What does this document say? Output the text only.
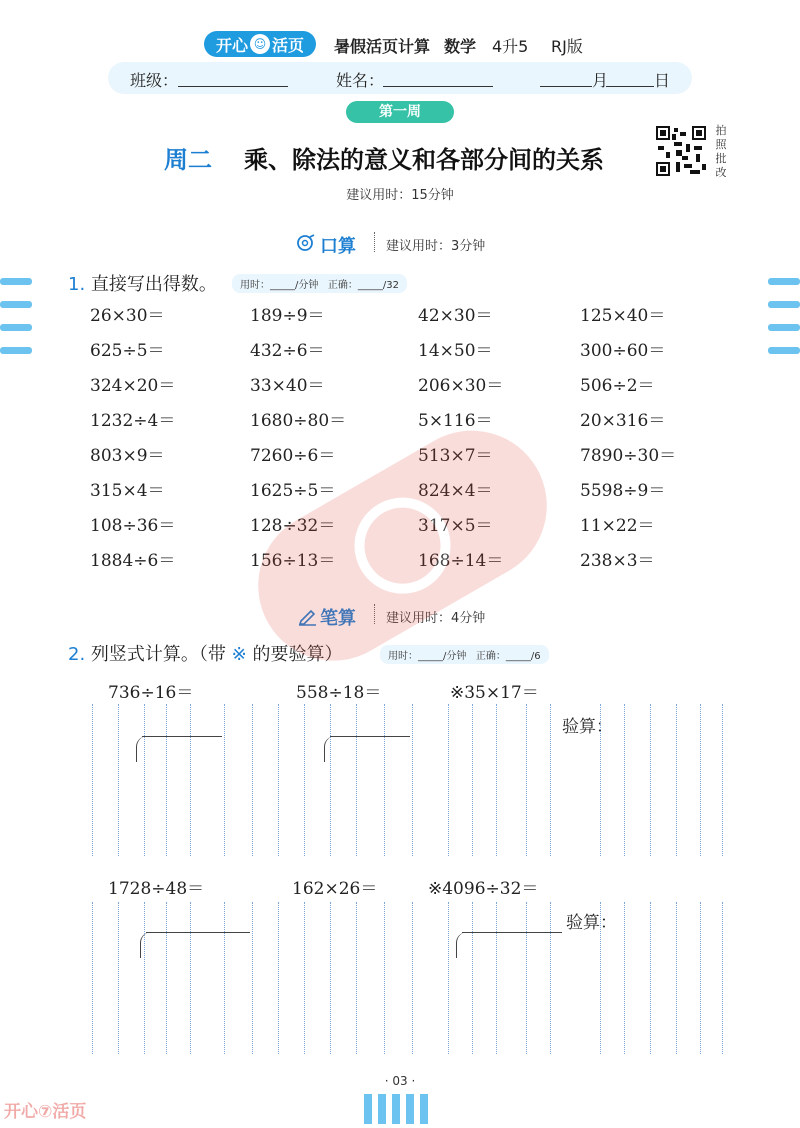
开心 ☺ 活页 暑假活页计算 数学 4升5 RJ版
班级：	姓名：	月	日
第一周
周二 乘、除法的意义和各部分间的关系
拍照批改
建议用时：15分钟
口算 建议用时：3分钟
1. 直接写出得数。	用时：_____/分钟 正确：_____/32
26×30＝	189÷9＝	42×30＝	125×40＝
625÷5＝	432÷6＝	14×50＝	300÷60＝
324×20＝	33×40＝	206×30＝	506÷2＝
1232÷4＝	1680÷80＝	5×116＝	20×316＝
803×9＝	7260÷6＝	513×7＝	7890÷30＝
315×4＝	1625÷5＝	824×4＝	5598÷9＝
108÷36＝	128÷32＝	317×5＝	11×22＝
1884÷6＝	156÷13＝	168÷14＝	238×3＝
笔算 建议用时：4分钟
2. 列竖式计算。（带 ※ 的要验算）	用时：_____/分钟 正确：_____/6
736÷16＝	558÷18＝	※35×17＝
验算：
1728÷48＝	162×26＝	※4096÷32＝
验算：
· 03 ·
开心⑦活页
